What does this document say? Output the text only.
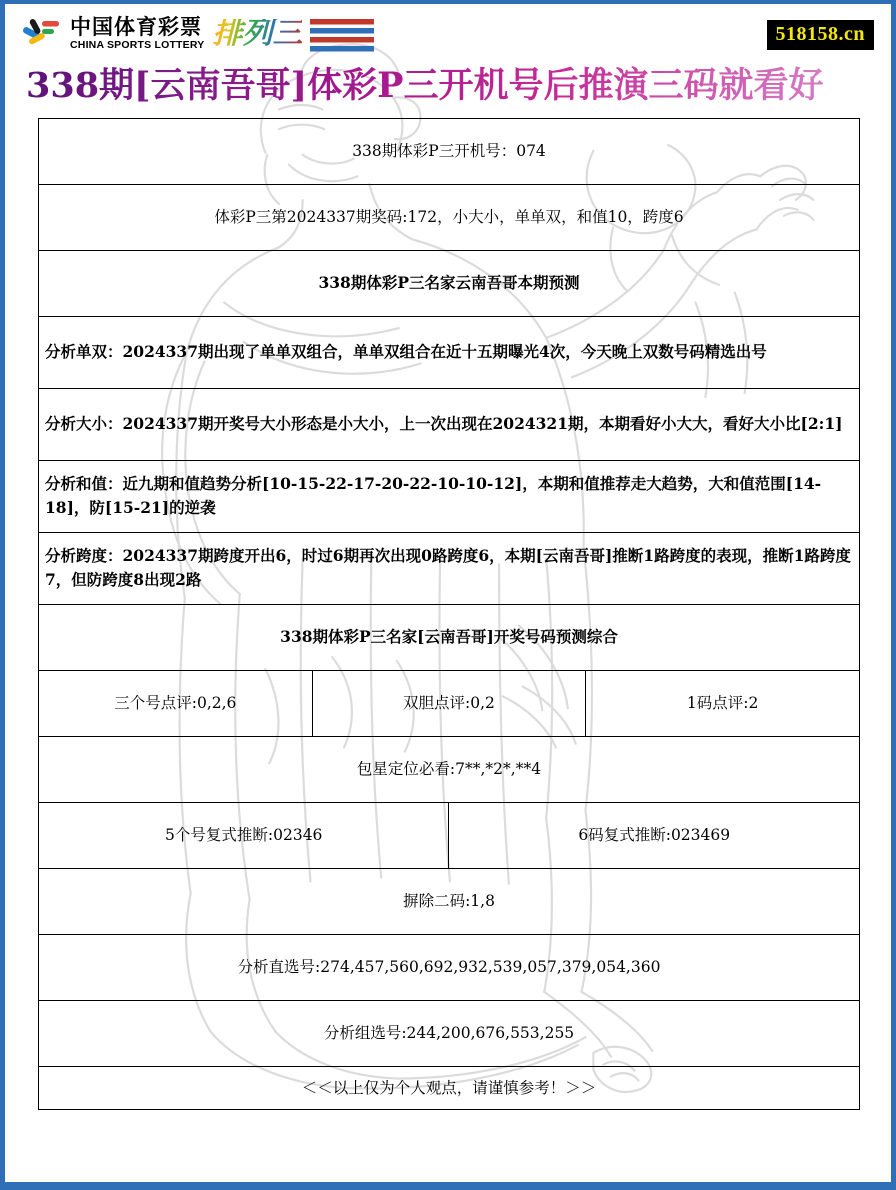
中国体育彩票
CHINA SPORTS LOTTERY 排列三	518158.cn
338期[云南吾哥]体彩P三开机号后推演三码就看好
338期体彩P三开机号：074			
体彩P三第2024337期奖码:172，小大小，单单双，和值10，跨度6			
338期体彩P三名家云南吾哥本期预测			
分析单双：2024337期出现了单单双组合，单单双组合在近十五期曝光4次，今天晚上双数号码精选出号			
分析大小：2024337期开奖号大小形态是小大小，上一次出现在2024321期，本期看好小大大，看好大小比[2:1]			
分析和值：近九期和值趋势分析[10-15-22-17-20-22-10-10-12]，本期和值推荐走大趋势，大和值范围[14-18]，防[15-21]的逆袭			
分析跨度：2024337期跨度开出6，时过6期再次出现0路跨度6，本期[云南吾哥]推断1路跨度的表现，推断1路跨度7，但防跨度8出现2路			
338期体彩P三名家[云南吾哥]开奖号码预测综合			
三个号点评:0,2,6	双胆点评:0,2		1码点评:2
包星定位必看:7**,*2*,**4			
5个号复式推断:02346		6码复式推断:023469	
摒除二码:1,8			
分析直选号:274,457,560,692,932,539,057,379,054,360			
分析组选号:244,200,676,553,255			
＜＜以上仅为个人观点，请谨慎参考！＞＞			
